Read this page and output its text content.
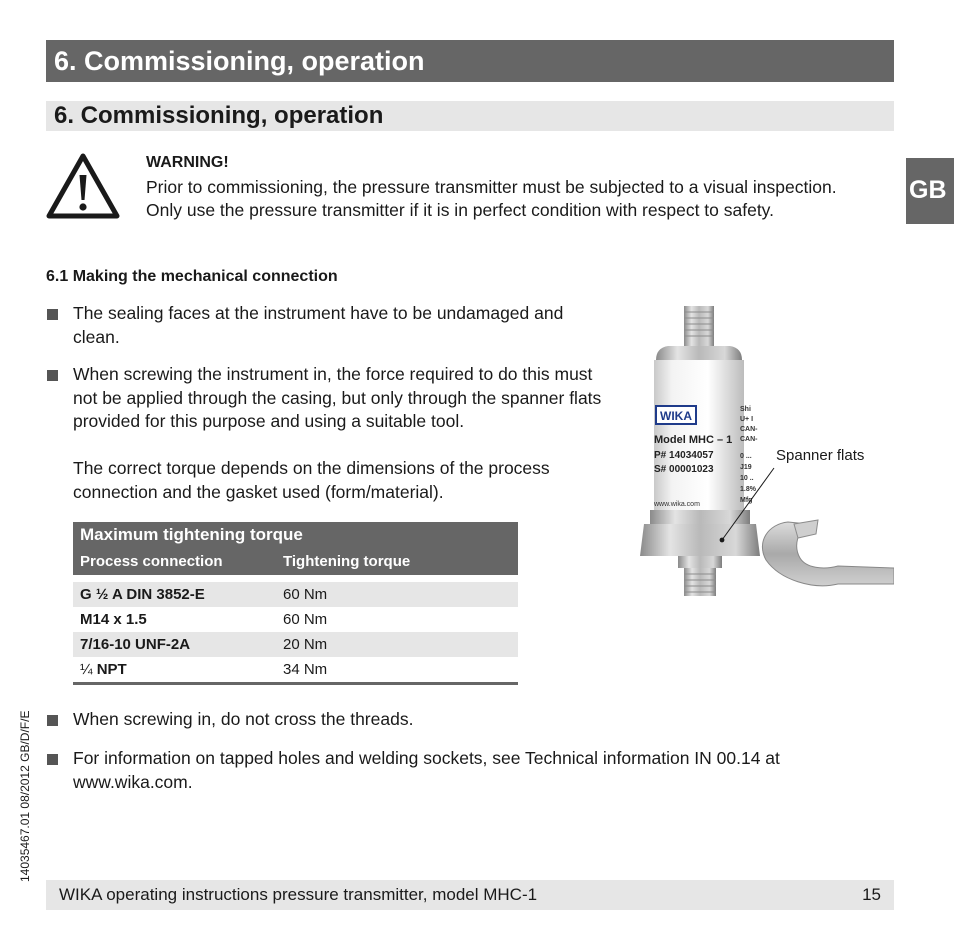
6. Commissioning, operation
6. Commissioning, operation
GB
WARNING!
Prior to commissioning, the pressure transmitter must be subjected to a visual inspection.
Only use the pressure transmitter if it is in perfect condition with respect to safety.
6.1 Making the mechanical connection
The sealing faces at the instrument have to be undamaged and
clean.
When screwing the instrument in, the force required to do this must
not be applied through the casing, but only through the spanner flats
provided for this purpose and using a suitable tool.
The correct torque depends on the dimensions of the process
connection and the gasket used (form/material).
Maximum tightening torque
Process connection	Tightening torque
G ½ A DIN 3852-E	60 Nm
M14 x 1.5	60 Nm
7/16-10 UNF-2A	20 Nm
¼ NPT	34 Nm
WIKA
Model MHC – 1
P# 14034057
S# 00001023
www.wika.com
Shi
U+ I
CAN-
CAN-
0 ...
J19
10 ..
1.8%
Mfg
Spanner flats
When screwing in, do not cross the threads.
For information on tapped holes and welding sockets, see Technical information IN 00.14 at
www.wika.com.
14035467.01 08/2012 GB/D/F/E
WIKA operating instructions pressure transmitter, model MHC-1	15
